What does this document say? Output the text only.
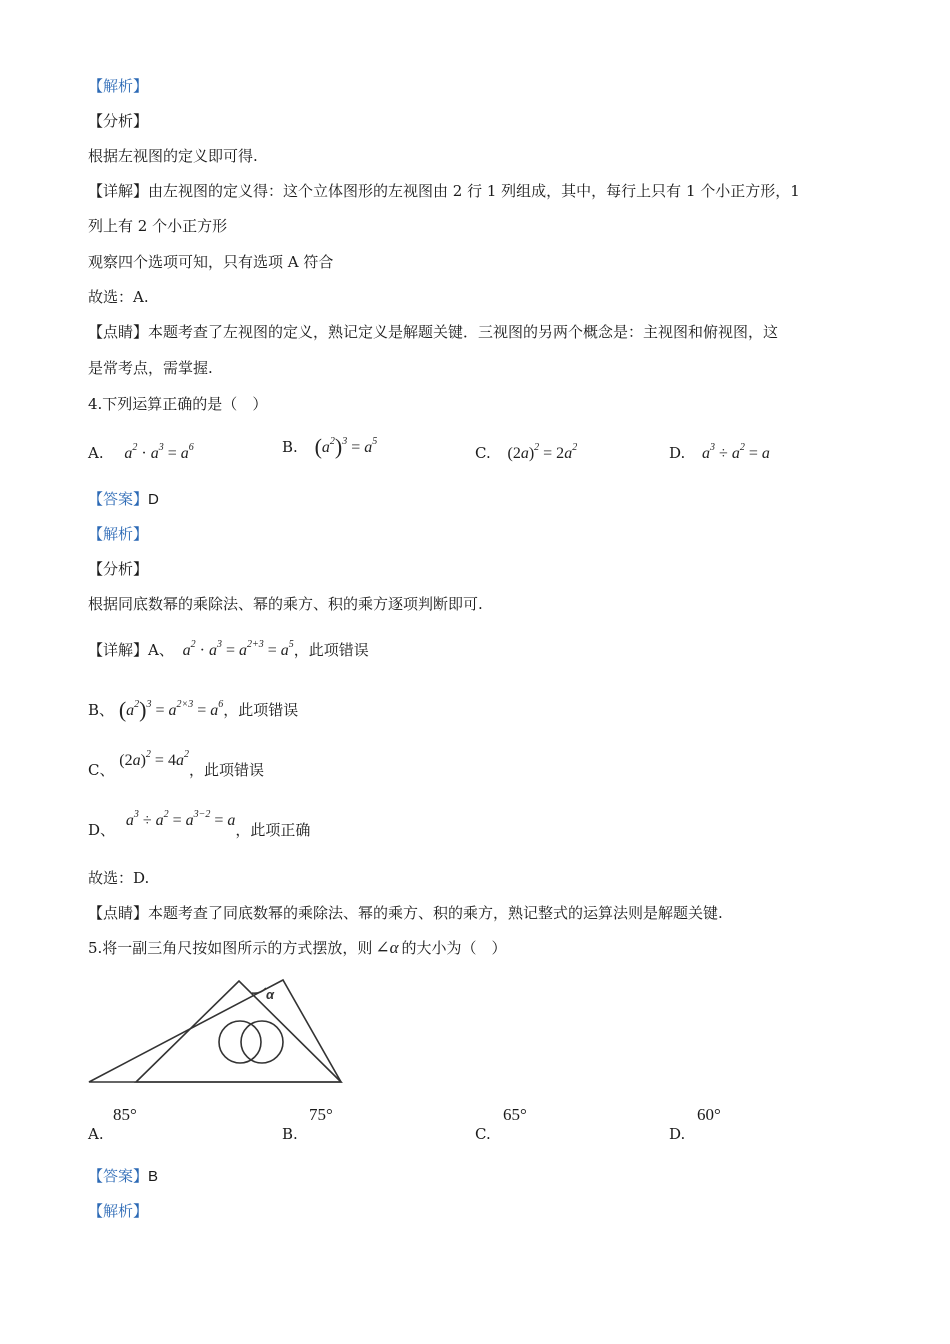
【解析】
【分析】
根据左视图的定义即可得.
【详解】由左视图的定义得：这个立体图形的左视图由 2 行 1 列组成，其中，每行上只有 1 个小正方形，1
列上有 2 个小正方形
观察四个选项可知，只有选项 A 符合
故选：A.
【点睛】本题考查了左视图的定义，熟记定义是解题关键．三视图的另两个概念是：主视图和俯视图，这
是常考点，需掌握.
4.下列运算正确的是（　）
A. $a^2 \cdot a^3 = a^6$	B. $(a^2)^3 = a^5$
C. $(2a)^2 = 2a^2$	D. $a^3 \div a^2 = a$
【答案】D
【解析】
【分析】
根据同底数幂的乘除法、幂的乘方、积的乘方逐项判断即可.
【详解】A、 $a^2 \cdot a^3 = a^{2+3} = a^5$，此项错误
B、 $(a^2)^3 = a^{2\times 3} = a^6$，此项错误
C、 $(2a)^2 = 4a^2$，此项错误
D、 $a^3 \div a^2 = a^{3-2} = a$，此项正确
故选：D.
【点睛】本题考查了同底数幂的乘除法、幂的乘方、积的乘方，熟记整式的运算法则是解题关键.
5.将一副三角尺按如图所示的方式摆放，则 ∠α 的大小为（　）
α
A.
85°
B.
75°
C.
65°
D.
60°
【答案】B
【解析】
